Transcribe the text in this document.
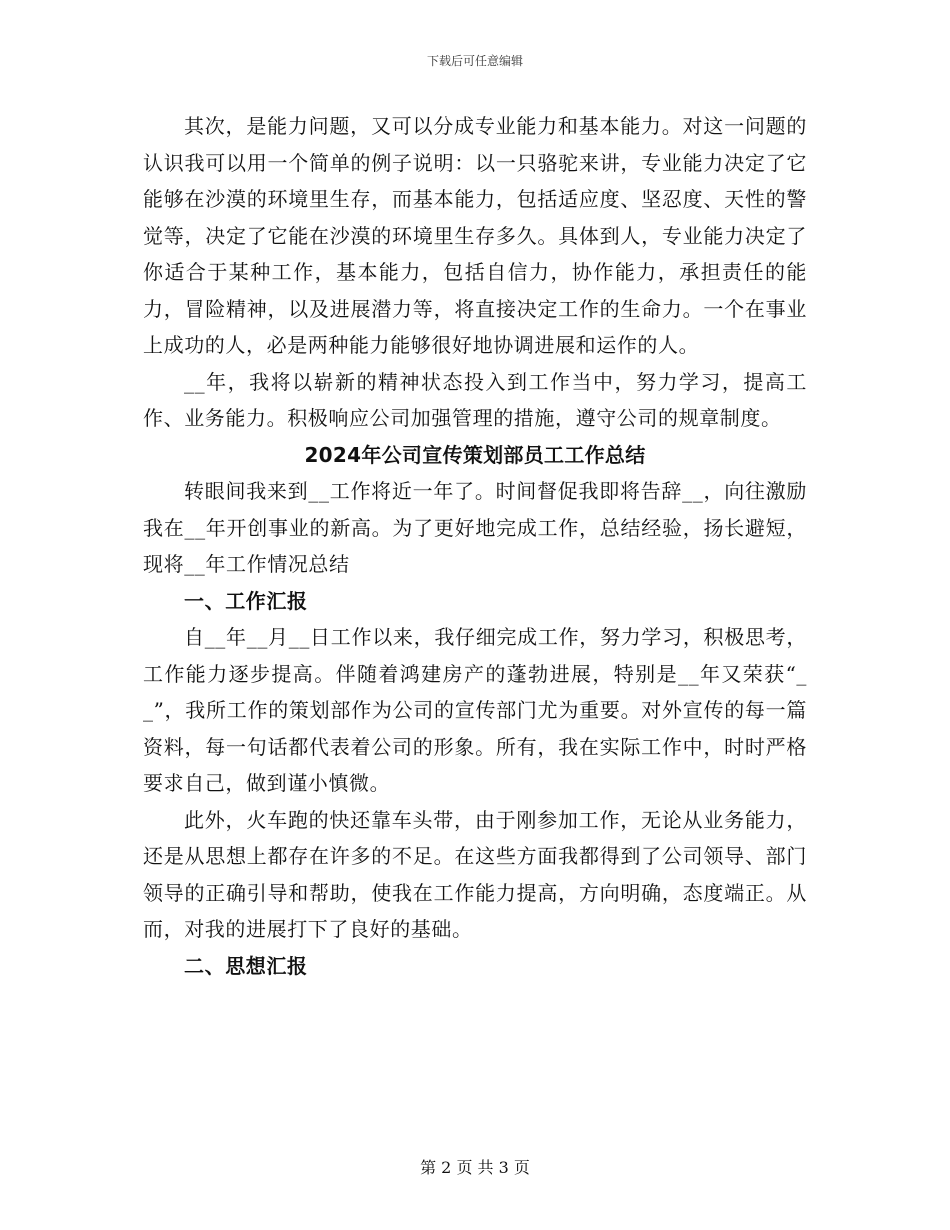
下载后可任意编辑

其次，是能力问题，又可以分成专业能力和基本能力。对这一问题的认识我可以用一个简单的例子说明：以一只骆驼来讲，专业能力决定了它能够在沙漠的环境里生存，而基本能力，包括适应度、坚忍度、天性的警觉等，决定了它能在沙漠的环境里生存多久。具体到人，专业能力决定了你适合于某种工作，基本能力，包括自信力，协作能力，承担责任的能力，冒险精神，以及进展潜力等，将直接决定工作的生命力。一个在事业上成功的人，必是两种能力能够很好地协调进展和运作的人。

__年，我将以崭新的精神状态投入到工作当中，努力学习，提高工作、业务能力。积极响应公司加强管理的措施，遵守公司的规章制度。

2024年公司宣传策划部员工工作总结

转眼间我来到__工作将近一年了。时间督促我即将告辞__，向往激励我在__年开创事业的新高。为了更好地完成工作，总结经验，扬长避短，现将__年工作情况总结

一、工作汇报

自__年__月__日工作以来，我仔细完成工作，努力学习，积极思考，工作能力逐步提高。伴随着鸿建房产的蓬勃进展，特别是__年又荣获“__”，我所工作的策划部作为公司的宣传部门尤为重要。对外宣传的每一篇资料，每一句话都代表着公司的形象。所有，我在实际工作中，时时严格要求自己，做到谨小慎微。

此外，火车跑的快还靠车头带，由于刚参加工作，无论从业务能力，还是从思想上都存在许多的不足。在这些方面我都得到了公司领导、部门领导的正确引导和帮助，使我在工作能力提高，方向明确，态度端正。从而，对我的进展打下了良好的基础。

二、思想汇报

第 2 页 共 3 页
